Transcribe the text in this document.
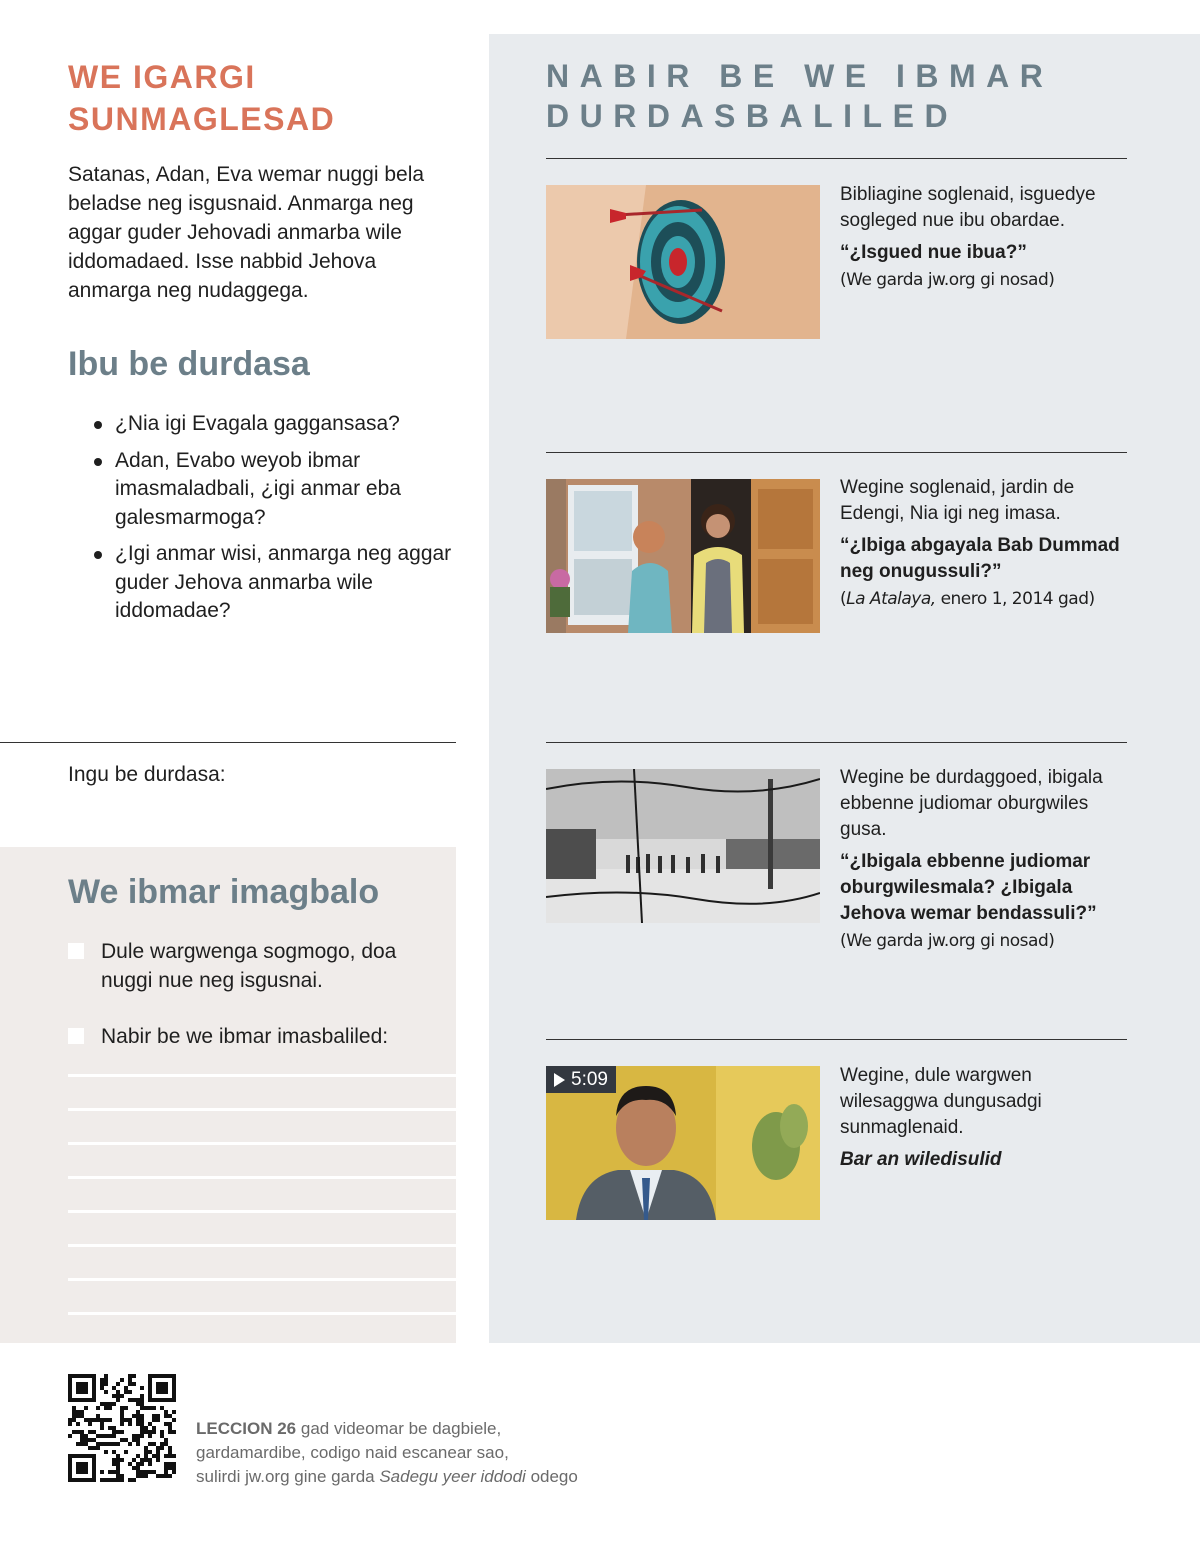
WE IGARGI
SUNMAGLESAD

Satanas, Adan, Eva wemar nuggi bela beladse neg isgusnaid. Anmarga neg aggar guder Jehovadi anmarba wile iddomadaed. Isse nabbid Jehova anmarga neg nudaggega.

Ibu be durdasa
¿Nia igi Evagala gaggansasa?
Adan, Evabo weyob ibmar imasmaladbali, ¿igi anmar eba galesmarmoga?
¿Igi anmar wisi, anmarga neg aggar guder Jehova anmarba wile iddomadae?

Ingu be durdasa:

We ibmar imagbalo
Dule wargwenga sogmogo, doa nuggi nue neg isgusnai.
Nabir be we ibmar imasbaliled:
NABIR BE WE IBMAR
DURDASBALILED

Bibliagine soglenaid, isguedye sogleged nue ibu obardae.

“¿Isgued nue ibua?”

(We garda jw.org gi nosad)

Wegine soglenaid, jardin de Edengi, Nia igi neg imasa.

“¿Ibiga abgayala Bab Dummad neg onugussuli?”

(La Atalaya, enero 1, 2014 gad)

Wegine be durdaggoed, ibigala ebbenne judiomar oburgwiles gusa.

“¿Ibigala ebbenne judiomar oburgwilesmala? ¿Ibigala Jehova wemar bendassuli?”

(We garda jw.org gi nosad)

5:09	Wegine, dule wargwen wilesaggwa dungusadgi sunmaglenaid.

Bar an wiledisulid

LECCION 26 gad videomar be dagbiele,
gardamardibe, codigo naid escanear sao,
sulirdi jw.org gine garda Sadegu yeer iddodi odego
